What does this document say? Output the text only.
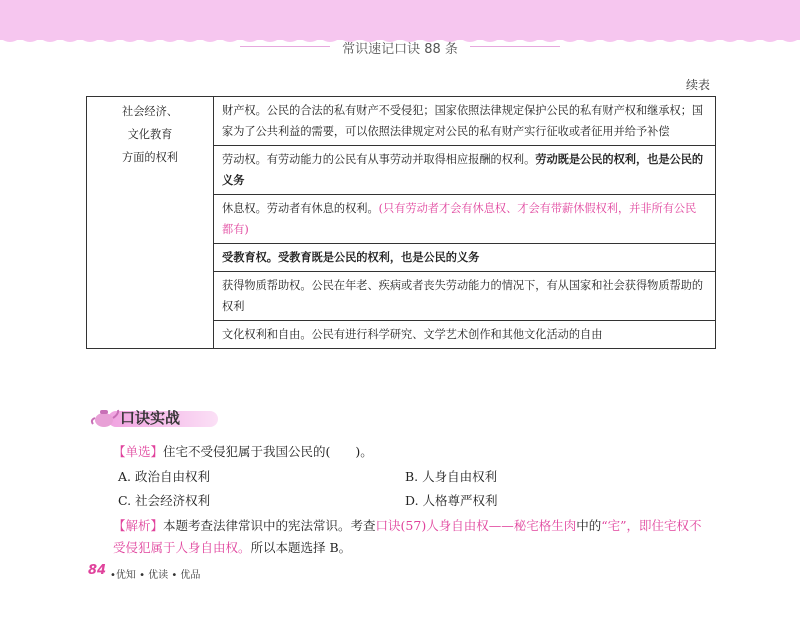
常识速记口诀 88 条
续表
社会经济、
文化教育
方面的权利
	财产权。公民的合法的私有财产不受侵犯；国家依照法律规定保护公民的私有财产权和继承权；国家为了公共利益的需要，可以依照法律规定对公民的私有财产实行征收或者征用并给予补偿
劳动权。有劳动能力的公民有从事劳动并取得相应报酬的权利。劳动既是公民的权利，也是公民的义务
休息权。劳动者有休息的权利。(只有劳动者才会有休息权、才会有带薪休假权利，并非所有公民都有)
受教育权。受教育既是公民的权利，也是公民的义务
获得物质帮助权。公民在年老、疾病或者丧失劳动能力的情况下，有从国家和社会获得物质帮助的权利
文化权利和自由。公民有进行科学研究、文学艺术创作和其他文化活动的自由
口诀实战
【单选】住宅不受侵犯属于我国公民的(　　)。
A. 政治自由权利	B. 人身自由权利
C. 社会经济权利	D. 人格尊严权利
【解析】本题考查法律常识中的宪法常识。考查口诀(57)人身自由权——秘宅格生肉中的“宅”，即住宅权不受侵犯属于人身自由权。所以本题选择 B。
84 •优知 • 优读 • 优品
